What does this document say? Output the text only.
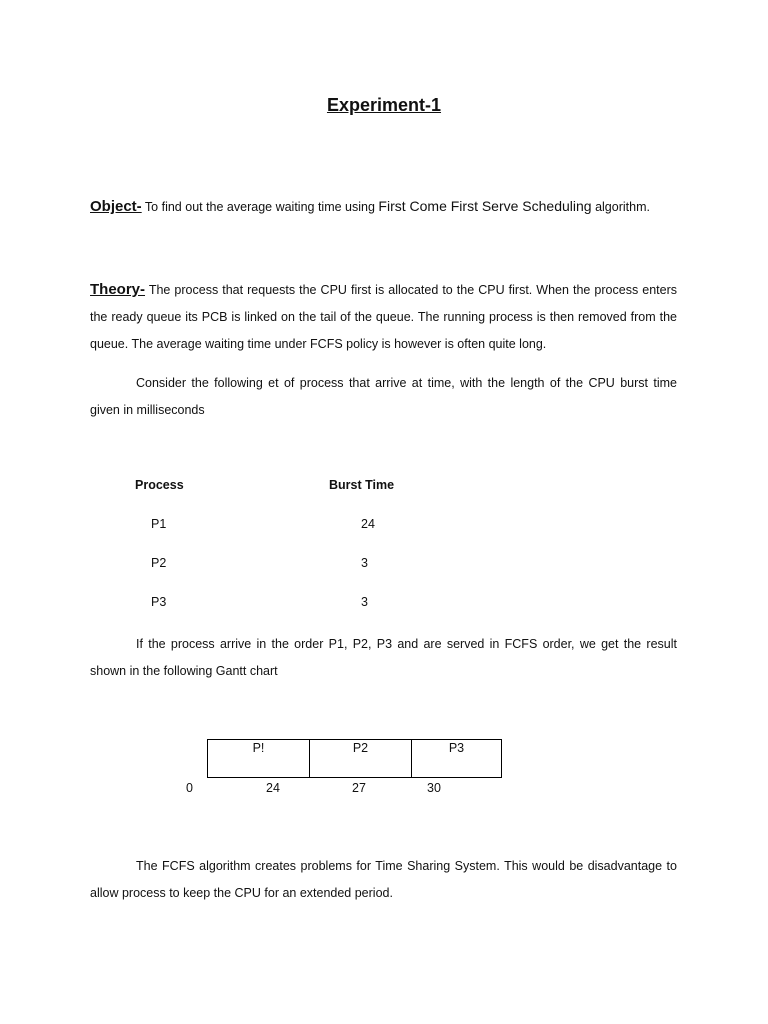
Experiment-1
Object- To find out the average waiting time using First Come First Serve Scheduling algorithm.
Theory- The process that requests the CPU first is allocated to the CPU first. When the process enters the ready queue its PCB is linked on the tail of the queue. The running process is then removed from the queue. The average waiting time under FCFS policy is however is often quite long.
Consider the following et of process that arrive at time, with the length of the CPU burst time given in milliseconds
Process	Burst Time
P1	24
P2	3
P3	3
If the process arrive in the order P1, P2, P3 and are served in FCFS order, we get the result shown in the following Gantt chart
P!	P2	P3
0	24	27	30
The FCFS algorithm creates problems for Time Sharing System. This would be disadvantage to allow process to keep the CPU for an extended period.
